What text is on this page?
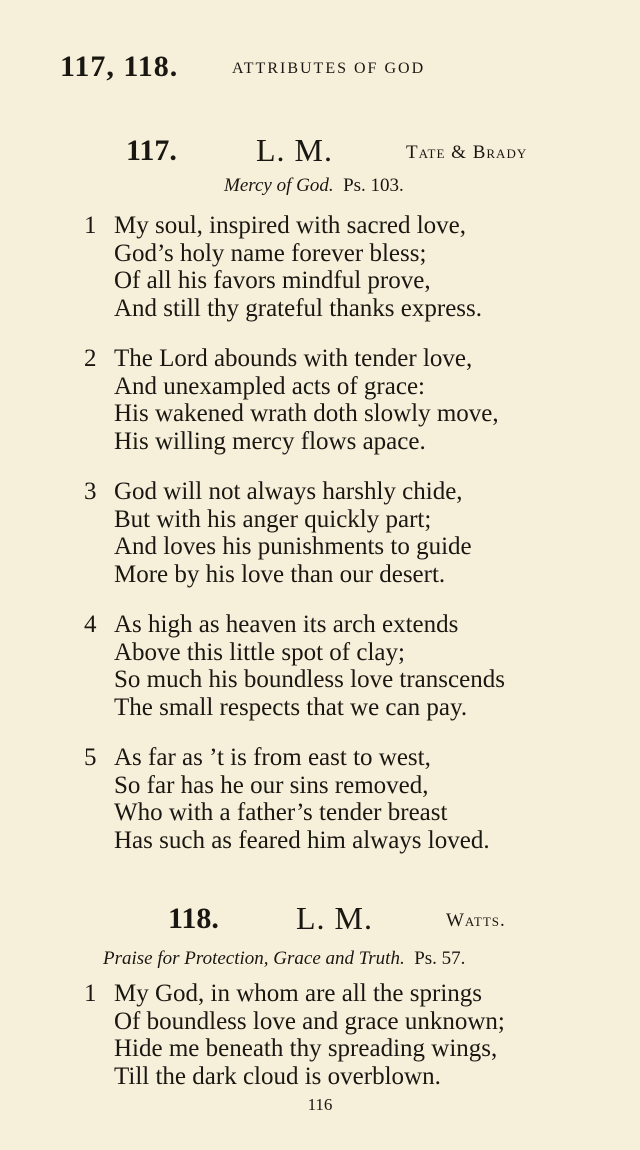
117, 118.	ATTRIBUTES OF GOD
117. L. M.	Tate & Brady
Mercy of God. Ps. 103.
1 My soul, inspired with sacred love,
God’s holy name forever bless;
Of all his favors mindful prove,
And still thy grateful thanks express.
2 The Lord abounds with tender love,
And unexampled acts of grace:
His wakened wrath doth slowly move,
His willing mercy flows apace.
3 God will not always harshly chide,
But with his anger quickly part;
And loves his punishments to guide
More by his love than our desert.
4 As high as heaven its arch extends
Above this little spot of clay;
So much his boundless love transcends
The small respects that we can pay.
5 As far as ’t is from east to west,
So far has he our sins removed,
Who with a father’s tender breast
Has such as feared him always loved.
118. L. M.	Watts.
Praise for Protection, Grace and Truth. Ps. 57.
1 My God, in whom are all the springs
Of boundless love and grace unknown;
Hide me beneath thy spreading wings,
Till the dark cloud is overblown.
116
